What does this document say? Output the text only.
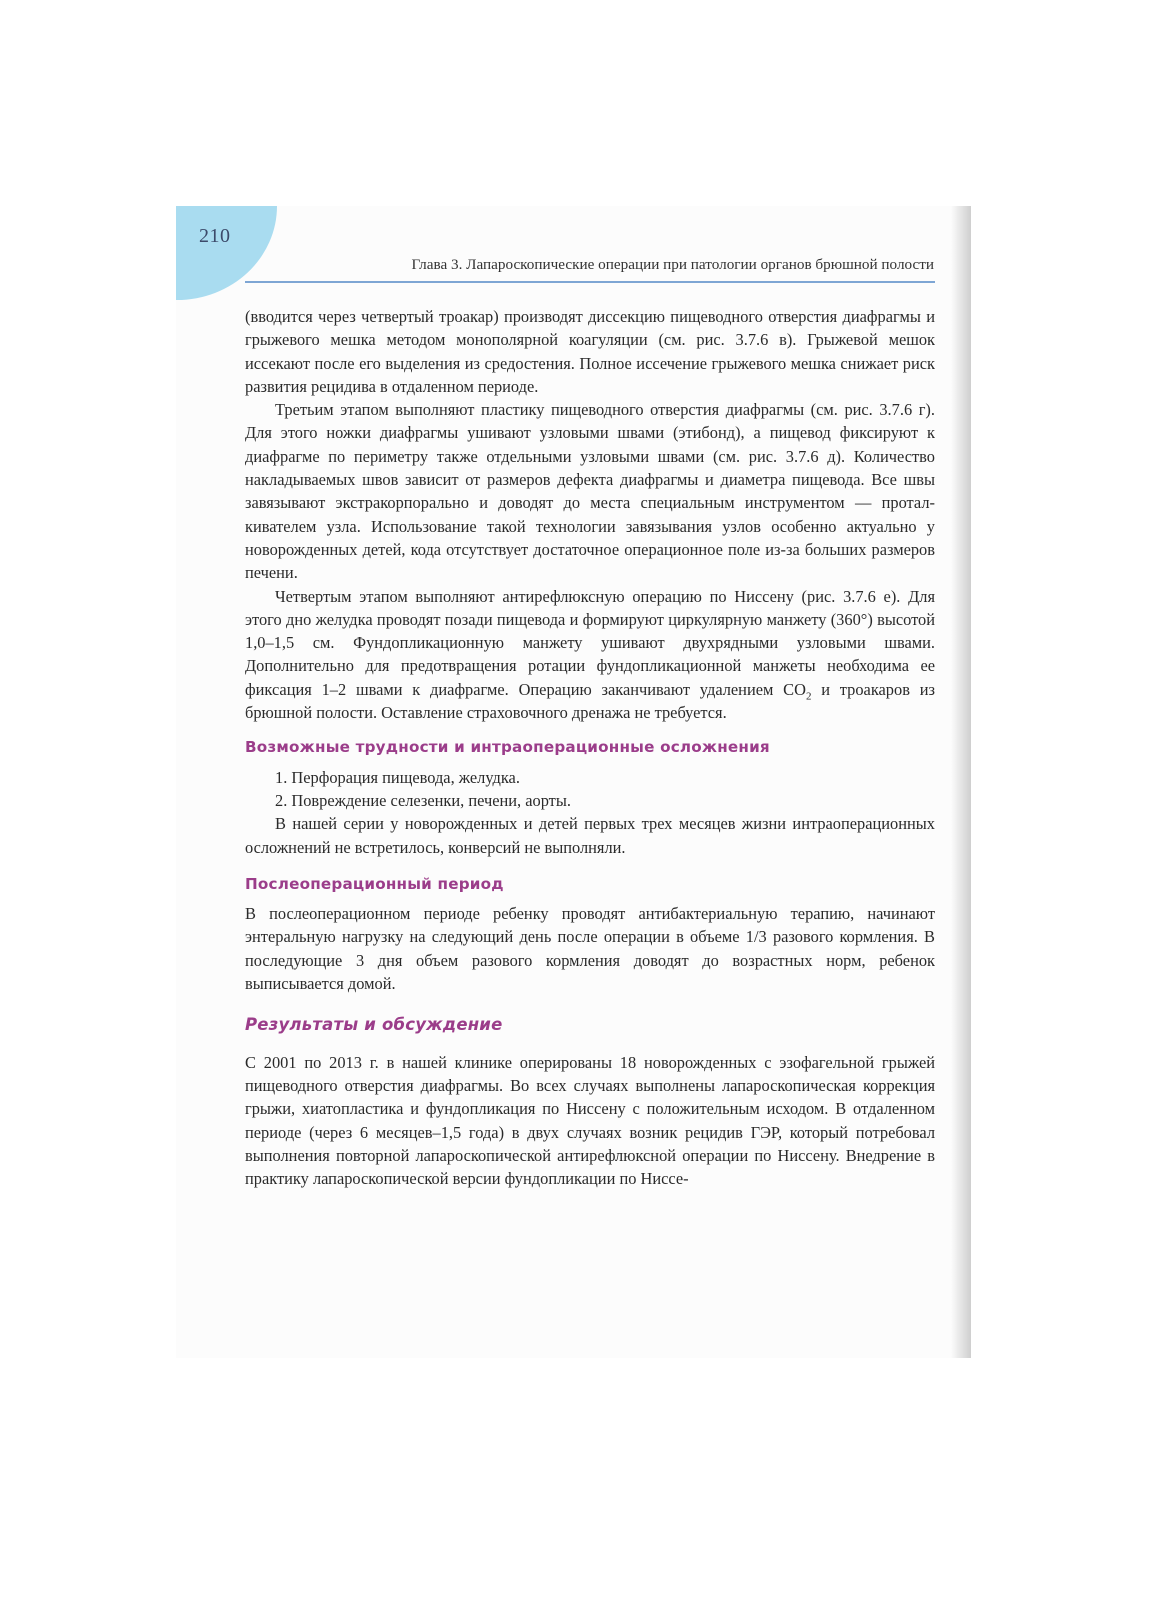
210
Глава 3. Лапароскопические операции при патологии органов брюшной полости

(вводится через четвертый троакар) производят диссекцию пищеводного отверстия диафрагмы и грыжевого мешка методом монополярной коагуляции (см. рис. 3.7.6 в). Грыжевой мешок иссекают после его выделения из средостения. Полное иссечение грыжевого мешка снижает риск развития рецидива в отдаленном периоде.

Третьим этапом выполняют пластику пищеводного отверстия диафрагмы (см. рис. 3.7.6 г). Для этого ножки диафрагмы ушивают узловыми швами (этибонд), а пищевод фиксируют к диафрагме по периметру также отдельными узловыми швами (см. рис. 3.7.6 д). Количество накладываемых швов зависит от размеров дефекта диафрагмы и диаметра пищевода. Все швы завязывают экстракорпорально и доводят до места специальным инструментом — проталкивателем узла. Использование такой технологии завязывания узлов особенно актуально у новорожденных детей, кода отсутствует достаточное операционное поле из-за больших размеров печени.

Четвертым этапом выполняют антирефлюксную операцию по Ниссену (рис. 3.7.6 е). Для этого дно желудка проводят позади пищевода и формируют циркулярную манжету (360°) высотой 1,0–1,5 см. Фундопликационную манжету ушивают двухрядными узловыми швами. Дополнительно для предотвращения ротации фундопликационной манжеты необходима ее фиксация 1–2 швами к диафрагме. Операцию заканчивают удалением $CO_2$ и троакаров из брюшной полости. Оставление страховочного дренажа не требуется.

Возможные трудности и интраоперационные осложнения
1. Перфорация пищевода, желудка.
2. Повреждение селезенки, печени, аорты.

В нашей серии у новорожденных и детей первых трех месяцев жизни интраоперационных осложнений не встретилось, конверсий не выполняли.

Послеоперационный период

В послеоперационном периоде ребенку проводят антибактериальную терапию, начинают энтеральную нагрузку на следующий день после операции в объеме 1/3 разового кормления. В последующие 3 дня объем разового кормления доводят до возрастных норм, ребенок выписывается домой.

Результаты и обсуждение

С 2001 по 2013 г. в нашей клинике оперированы 18 новорожденных с эзофагельной грыжей пищеводного отверстия диафрагмы. Во всех случаях выполнены лапароскопическая коррекция грыжи, хиатопластика и фундопликация по Ниссену с положительным исходом. В отдаленном периоде (через 6 месяцев–1,5 года) в двух случаях возник рецидив ГЭР, который потребовал выполнения повторной лапароскопической антирефлюксной операции по Ниссену. Внедрение в практику лапароскопической версии фундопликации по Ниссе-
